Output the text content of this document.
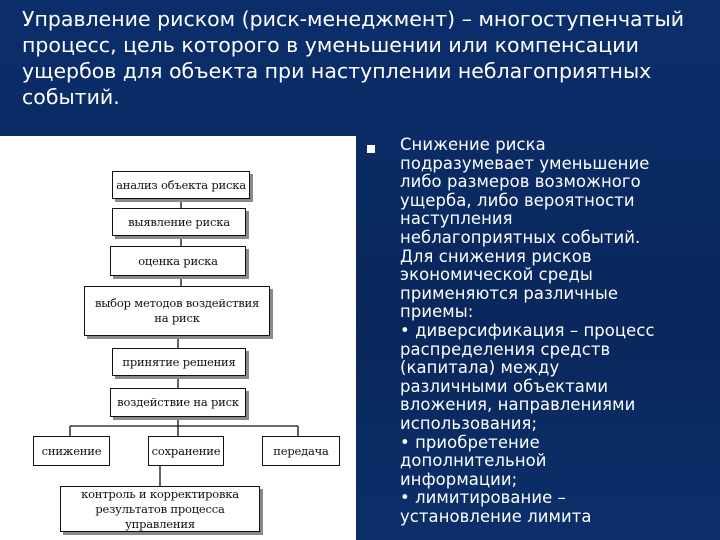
Управление риском (риск-менеджмент) – многоступенчатый
процесс, цель которого в уменьшении или компенсации
ущербов для объекта при наступлении неблагоприятных
событий.
анализ объекта риска
выявление риска
оценка риска
выбор методов воздействия на риск
принятие решения
воздействие на риск
снижение	сохранение	передача
контроль и корректировка результатов процесса управления
Снижение риска
подразумевает уменьшение
либо размеров возможного
ущерба, либо вероятности
наступления
неблагоприятных событий.
Для снижения рисков
экономической среды
применяются различные
приемы:
• диверсификация – процесс
распределения средств
(капитала) между
различными объектами
вложения, направлениями
использования;
• приобретение
дополнительной
информации;
• лимитирование –
установление лимита
